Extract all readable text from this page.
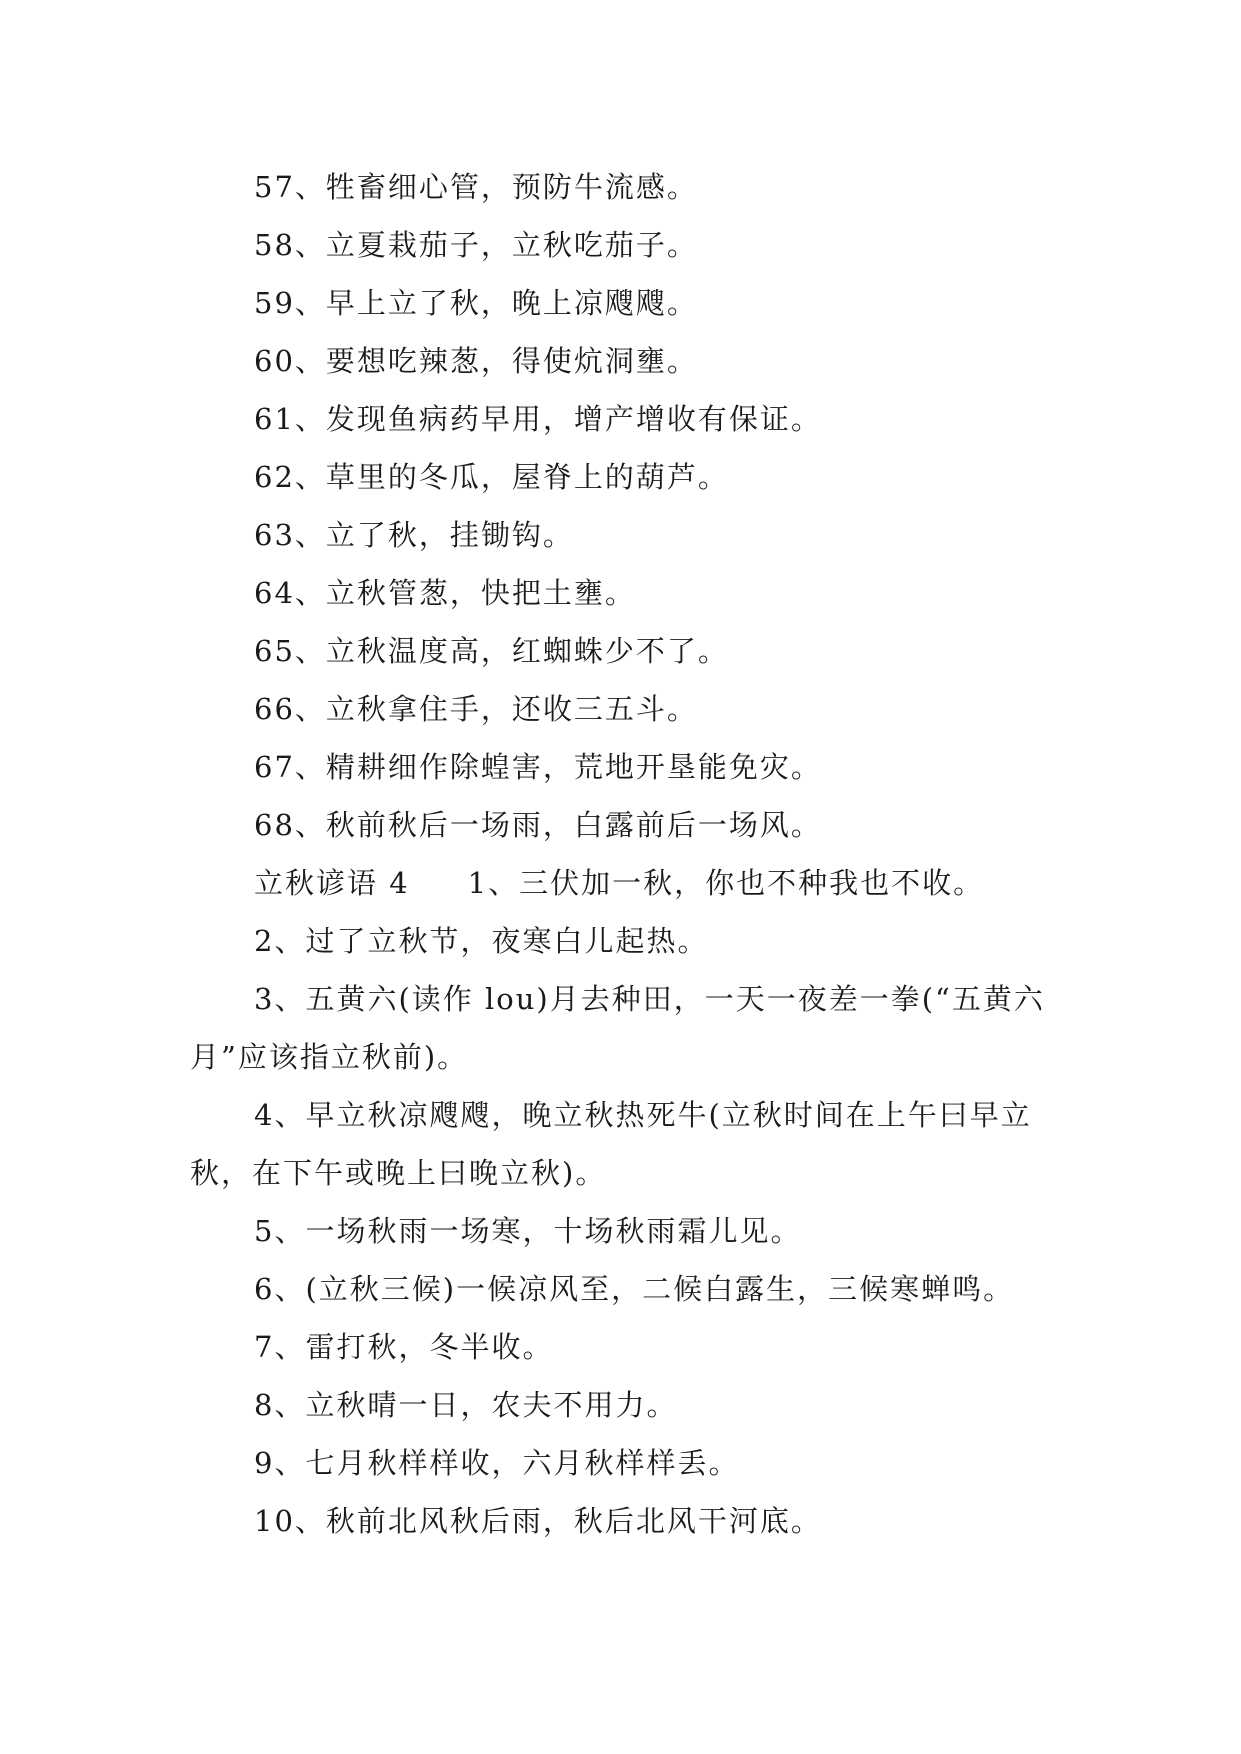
57、牲畜细心管，预防牛流感。
58、立夏栽茄子，立秋吃茄子。
59、早上立了秋，晚上凉飕飕。
60、要想吃辣葱，得使炕洞壅。
61、发现鱼病药早用，增产增收有保证。
62、草里的冬瓜，屋脊上的葫芦。
63、立了秋，挂锄钩。
64、立秋管葱，快把土壅。
65、立秋温度高，红蜘蛛少不了。
66、立秋拿住手，还收三五斗。
67、精耕细作除蝗害，荒地开垦能免灾。
68、秋前秋后一场雨，白露前后一场风。
立秋谚语 4 1、三伏加一秋，你也不种我也不收。
2、过了立秋节，夜寒白儿起热。
3、五黄六(读作 lou)月去种田，一天一夜差一拳(“五黄六月”应该指立秋前)。
4、早立秋凉飕飕，晚立秋热死牛(立秋时间在上午曰早立秋，在下午或晚上曰晚立秋)。
5、一场秋雨一场寒，十场秋雨霜儿见。
6、(立秋三候)一候凉风至，二候白露生，三候寒蝉鸣。
7、雷打秋，冬半收。
8、立秋晴一日，农夫不用力。
9、七月秋样样收，六月秋样样丢。
10、秋前北风秋后雨，秋后北风干河底。
